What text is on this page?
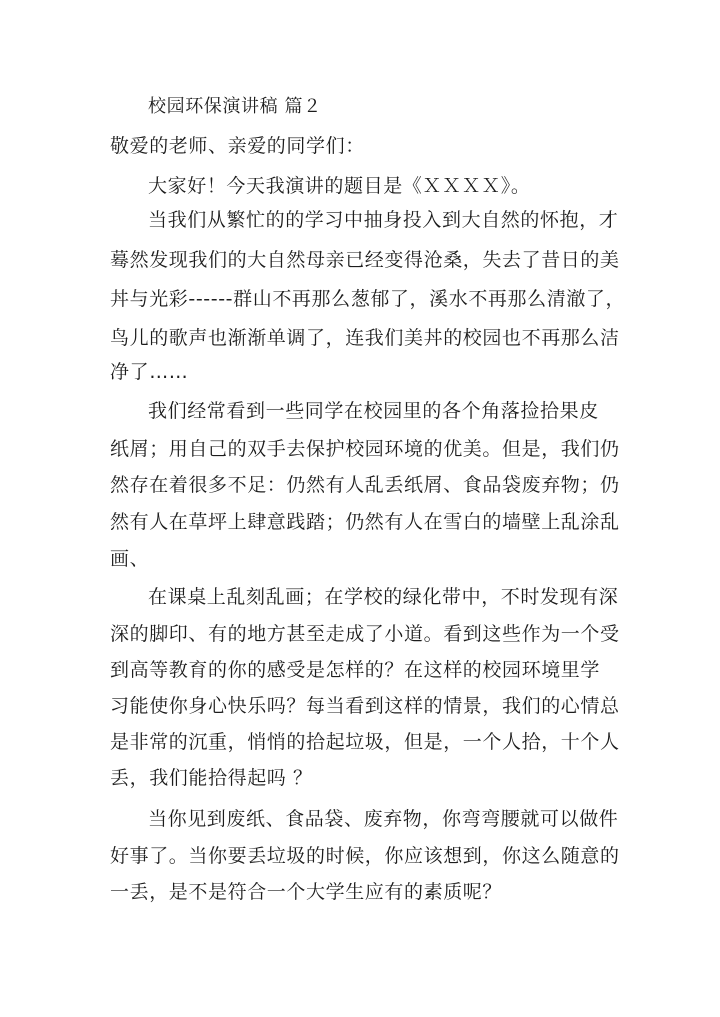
校园环保演讲稿 篇２
敬爱的老师、亲爱的同学们：
大家好！今天我演讲的题目是《ＸＸＸＸ》。
当我们从繁忙的的学习中抽身投入到大自然的怀抱，才
蓦然发现我们的大自然母亲已经变得沧桑，失去了昔日的美
丼与光彩------群山不再那么葱郁了，溪水不再那么清澈了，
鸟儿的歌声也渐渐单调了，连我们美丼的校园也不再那么洁
净了……
我们经常看到一些同学在校园里的各个角落捡拾果皮
纸屑；用自己的双手去保护校园环境的优美。但是，我们仍
然存在着很多不足：仍然有人乱丢纸屑、食品袋废弃物；仍
然有人在草坪上肆意践踏；仍然有人在雪白的墙壁上乱涂乱
画、
在课桌上乱刻乱画；在学校的绿化带中，不时发现有深
深的脚印、有的地方甚至走成了小道。看到这些作为一个受
到高等教育的你的感受是怎样的？在这样的校园环境里学
习能使你身心快乐吗？每当看到这样的情景，我们的心情总
是非常的沉重，悄悄的拾起垃圾，但是，一个人拾，十个人
丢，我们能拾得起吗 ？
当你见到废纸、食品袋、废弃物，你弯弯腰就可以做件
好事了。当你要丢垃圾的时候，你应该想到，你这么随意的
一丢，是不是符合一个大学生应有的素质呢？
